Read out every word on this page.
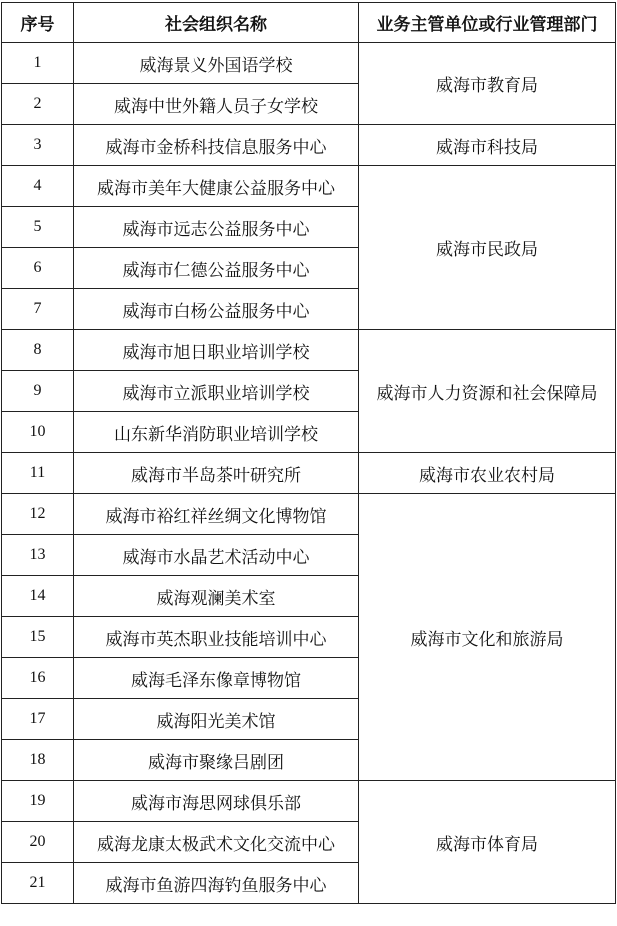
序号	社会组织名称	业务主管单位或行业管理部门
1	威海景义外国语学校	威海市教育局
2	威海中世外籍人员子女学校	
3	威海市金桥科技信息服务中心	威海市科技局
4	威海市美年大健康公益服务中心	威海市民政局
5	威海市远志公益服务中心	
6	威海市仁德公益服务中心	
7	威海市白杨公益服务中心	
8	威海市旭日职业培训学校	威海市人力资源和社会保障局
9	威海市立派职业培训学校	
10	山东新华消防职业培训学校	
11	威海市半岛茶叶研究所	威海市农业农村局
12	威海市裕红祥丝绸文化博物馆	威海市文化和旅游局
13	威海市水晶艺术活动中心	
14	威海观澜美术室	
15	威海市英杰职业技能培训中心	
16	威海毛泽东像章博物馆	
17	威海阳光美术馆	
18	威海市聚缘吕剧团	
19	威海市海思网球俱乐部	威海市体育局
20	威海龙康太极武术文化交流中心	
21	威海市鱼游四海钓鱼服务中心	
